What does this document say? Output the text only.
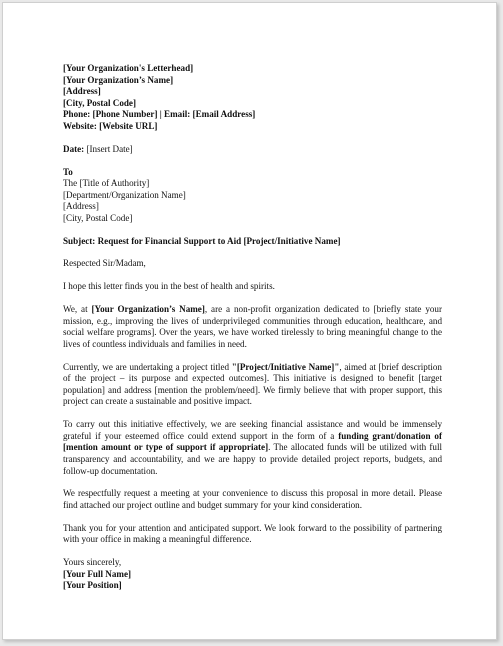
[Your Organization's Letterhead]
[Your Organization’s Name]
[Address]
[City, Postal Code]
Phone: [Phone Number] | Email: [Email Address]
Website: [Website URL]
Date: [Insert Date]
To
The [Title of Authority]
[Department/Organization Name]
[Address]
[City, Postal Code]
Subject: Request for Financial Support to Aid [Project/Initiative Name]
Respected Sir/Madam,
I hope this letter finds you in the best of health and spirits.
We, at [Your Organization’s Name], are a non-profit organization dedicated to [briefly state your mission, e.g., improving the lives of underprivileged communities through education, healthcare, and social welfare programs]. Over the years, we have worked tirelessly to bring meaningful change to the lives of countless individuals and families in need.
Currently, we are undertaking a project titled "[Project/Initiative Name]", aimed at [brief description of the project – its purpose and expected outcomes]. This initiative is designed to benefit [target population] and address [mention the problem/need]. We firmly believe that with proper support, this project can create a sustainable and positive impact.
To carry out this initiative effectively, we are seeking financial assistance and would be immensely grateful if your esteemed office could extend support in the form of a funding grant/donation of [mention amount or type of support if appropriate]. The allocated funds will be utilized with full transparency and accountability, and we are happy to provide detailed project reports, budgets, and follow-up documentation.
We respectfully request a meeting at your convenience to discuss this proposal in more detail. Please find attached our project outline and budget summary for your kind consideration.
Thank you for your attention and anticipated support. We look forward to the possibility of partnering with your office in making a meaningful difference.
Yours sincerely,
[Your Full Name]
[Your Position]
